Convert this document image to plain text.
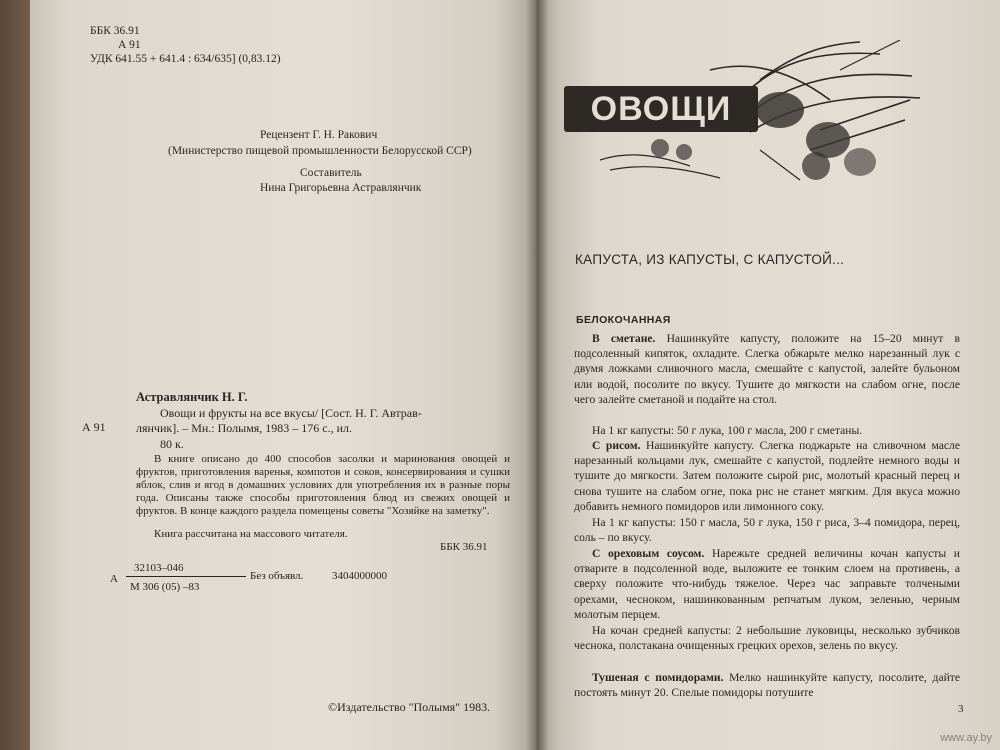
ББК 36.91
А 91
УДК 641.55 + 641.4 : 634/635] (0,83.12)
Рецензент Г. Н. Ракович
(Министерство пищевой промышленности Белорусской ССР)
Составитель
Нина Григорьевна Астравлянчик
Астравлянчик Н. Г.
А 91
Овощи и фрукты на все вкусы/ [Сост. Н. Г. Автрав-
лянчик]. – Мн.: Полымя, 1983 – 176 с., ил.
80 к.
В книге описано до 400 способов засолки и маринования овощей и фруктов, приготовления варенья, компотов и соков, консервирования и сушки яблок, слив и ягод в домашних условиях для употребления их в разные поры года. Описаны также способы приготовления блюд из свежих овощей и фруктов. В конце каждого раздела помещены советы "Хозяйке на заметку".
Книга рассчитана на массового читателя.
ББК 36.91
А
32103–046
М 306 (05) –83
Без объявл.	3404000000
©Издательство "Полымя" 1983.
ОВОЩИ
КАПУСТА, ИЗ КАПУСТЫ, С КАПУСТОЙ...
БЕЛОКОЧАННАЯ
В сметане. Нашинкуйте капусту, положите на 15–20 минут в подсоленный кипяток, охладите. Слегка обжарьте мелко нарезанный лук с двумя ложками сливочного масла, смешайте с капустой, залейте бульоном или водой, посолите по вкусу. Тушите до мягкости на слабом огне, после чего залейте сметаной и подайте на стол.
На 1 кг капусты: 50 г лука, 100 г масла, 200 г сметаны.
С рисом. Нашинкуйте капусту. Слегка поджарьте на сливочном масле нарезанный кольцами лук, смешайте с капустой, подлейте немного воды и тушите до мягкости. Затем положите сырой рис, молотый красный перец и снова тушите на слабом огне, пока рис не станет мягким. Для вкуса можно добавить немного помидоров или лимонного соку.
На 1 кг капусты: 150 г масла, 50 г лука, 150 г риса, 3–4 помидора, перец, соль – по вкусу.
С ореховым соусом. Нарежьте средней величины кочан капусты и отварите в подсоленной воде, выложите ее тонким слоем на противень, а сверху положите что-нибудь тяжелое. Через час заправьте толчеными орехами, чесноком, нашинкованным репчатым луком, зеленью, черным молотым перцем.
На кочан средней капусты: 2 небольшие луковицы, несколько зубчиков чеснока, полстакана очищенных грецких орехов, зелень по вкусу.
Тушеная с помидорами. Мелко нашинкуйте капусту, посолите, дайте постоять минут 20. Спелые помидоры потушите
3
www.ay.by
